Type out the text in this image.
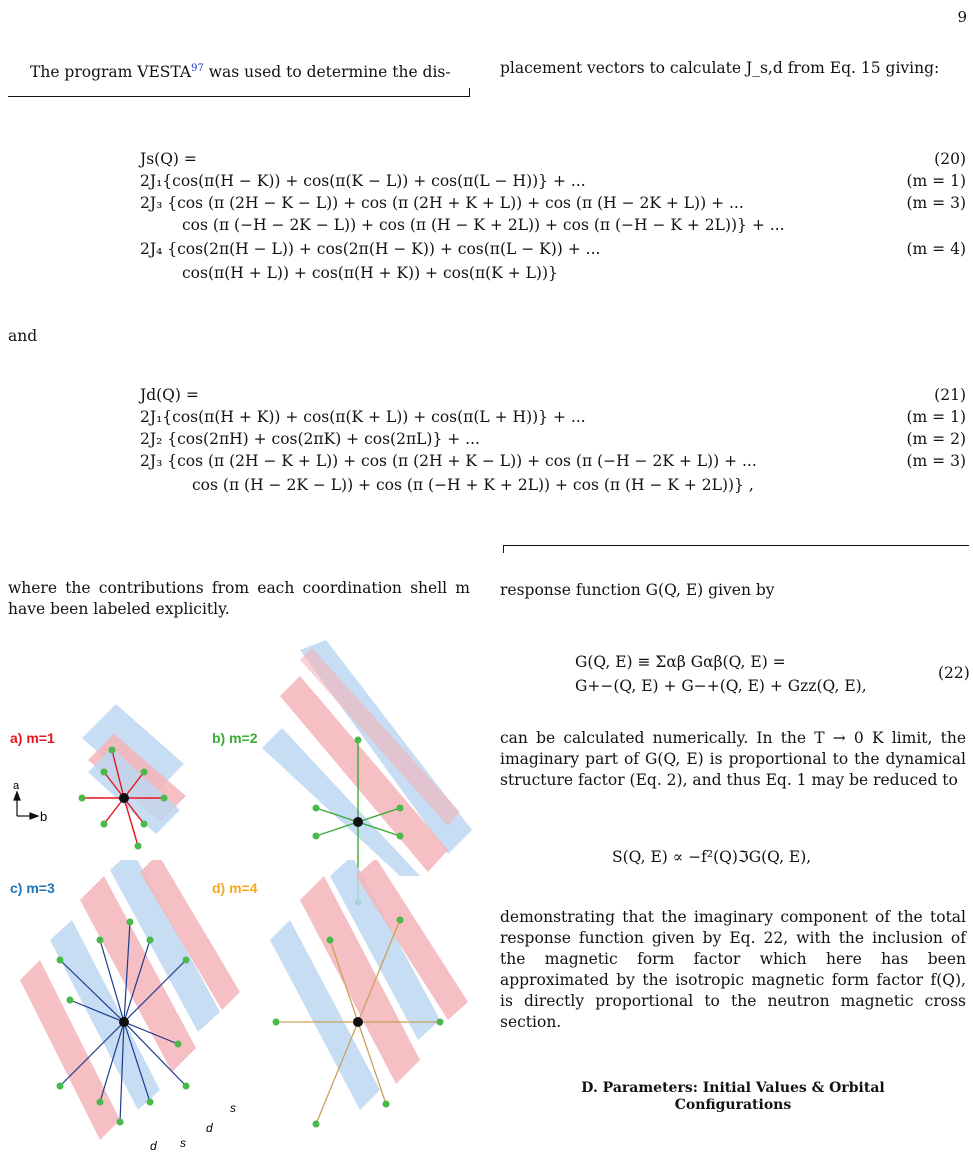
9
The program VESTA$^{97}$ was used to determine the dis-	placement vectors to calculate J_s,d from Eq. 15 giving:
Js(Q) =	(20)
2J₁{cos(π(H − K)) + cos(π(K − L)) + cos(π(L − H))} + ...	(m = 1)
2J₃ {cos (π (2H − K − L)) + cos (π (2H + K + L)) + cos (π (H − 2K + L)) + ...	(m = 3)
cos (π (−H − 2K − L)) + cos (π (H − K + 2L)) + cos (π (−H − K + 2L))} + ...
2J₄ {cos(2π(H − L)) + cos(2π(H − K)) + cos(π(L − K)) + ...	(m = 4)
cos(π(H + L)) + cos(π(H + K)) + cos(π(K + L))}
and
Jd(Q) =	(21)
2J₁{cos(π(H + K)) + cos(π(K + L)) + cos(π(L + H))} + ...	(m = 1)
2J₂ {cos(2πH) + cos(2πK) + cos(2πL)} + ...	(m = 2)
2J₃ {cos (π (2H − K + L)) + cos (π (2H + K − L)) + cos (π (−H − 2K + L)) + ...	(m = 3)
cos (π (H − 2K − L)) + cos (π (−H + K + 2L)) + cos (π (H − K + 2L))} ,
where the contributions from each coordination shell m have been labeled explicitly.
response function G(Q, E) given by
G(Q, E) ≡ Σαβ Gαβ(Q, E) =
G+−(Q, E) + G−+(Q, E) + Gzz(Q, E),
(22)
can be calculated numerically. In the T → 0 K limit, the imaginary part of G(Q, E) is proportional to the dynamical structure factor (Eq. 2), and thus Eq. 1 may be reduced to
S(Q, E) ∝ −f²(Q)ℑG(Q, E),
demonstrating that the imaginary component of the total response function given by Eq. 22, with the inclusion of the magnetic form factor which here has been approximated by the isotropic magnetic form factor f(Q), is directly proportional to the neutron magnetic cross section.
D. Parameters: Initial Values & Orbital
Configurations
a) m=1	b) m=2
c) m=3	d) m=4
a
b
s
d
s
d
